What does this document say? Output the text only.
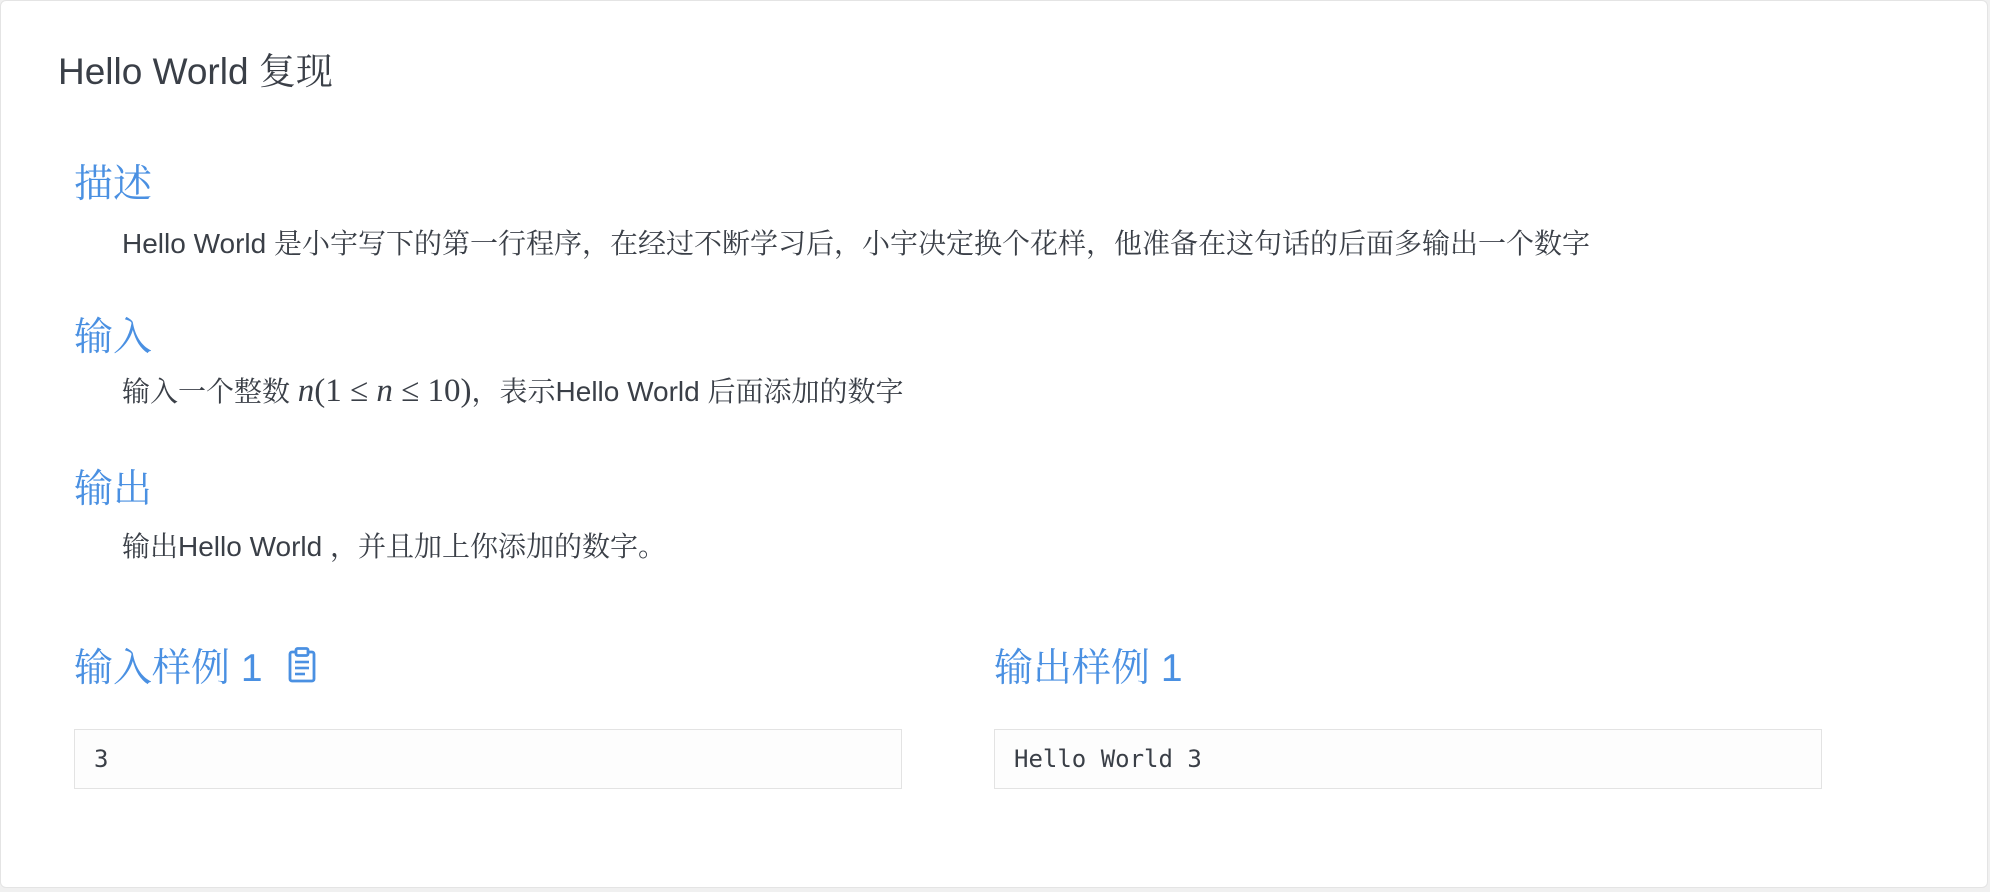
Hello World 复现
描述

Hello World 是小宇写下的第一行程序，在经过不断学习后，小宇决定换个花样，他准备在这句话的后面多输出一个数字

输入

输入一个整数 n(1 ≤ n ≤ 10)，表示Hello World 后面添加的数字

输出

输出Hello World ，并且加上你添加的数字。

输入样例 1	输出样例 1
3	Hello World 3
